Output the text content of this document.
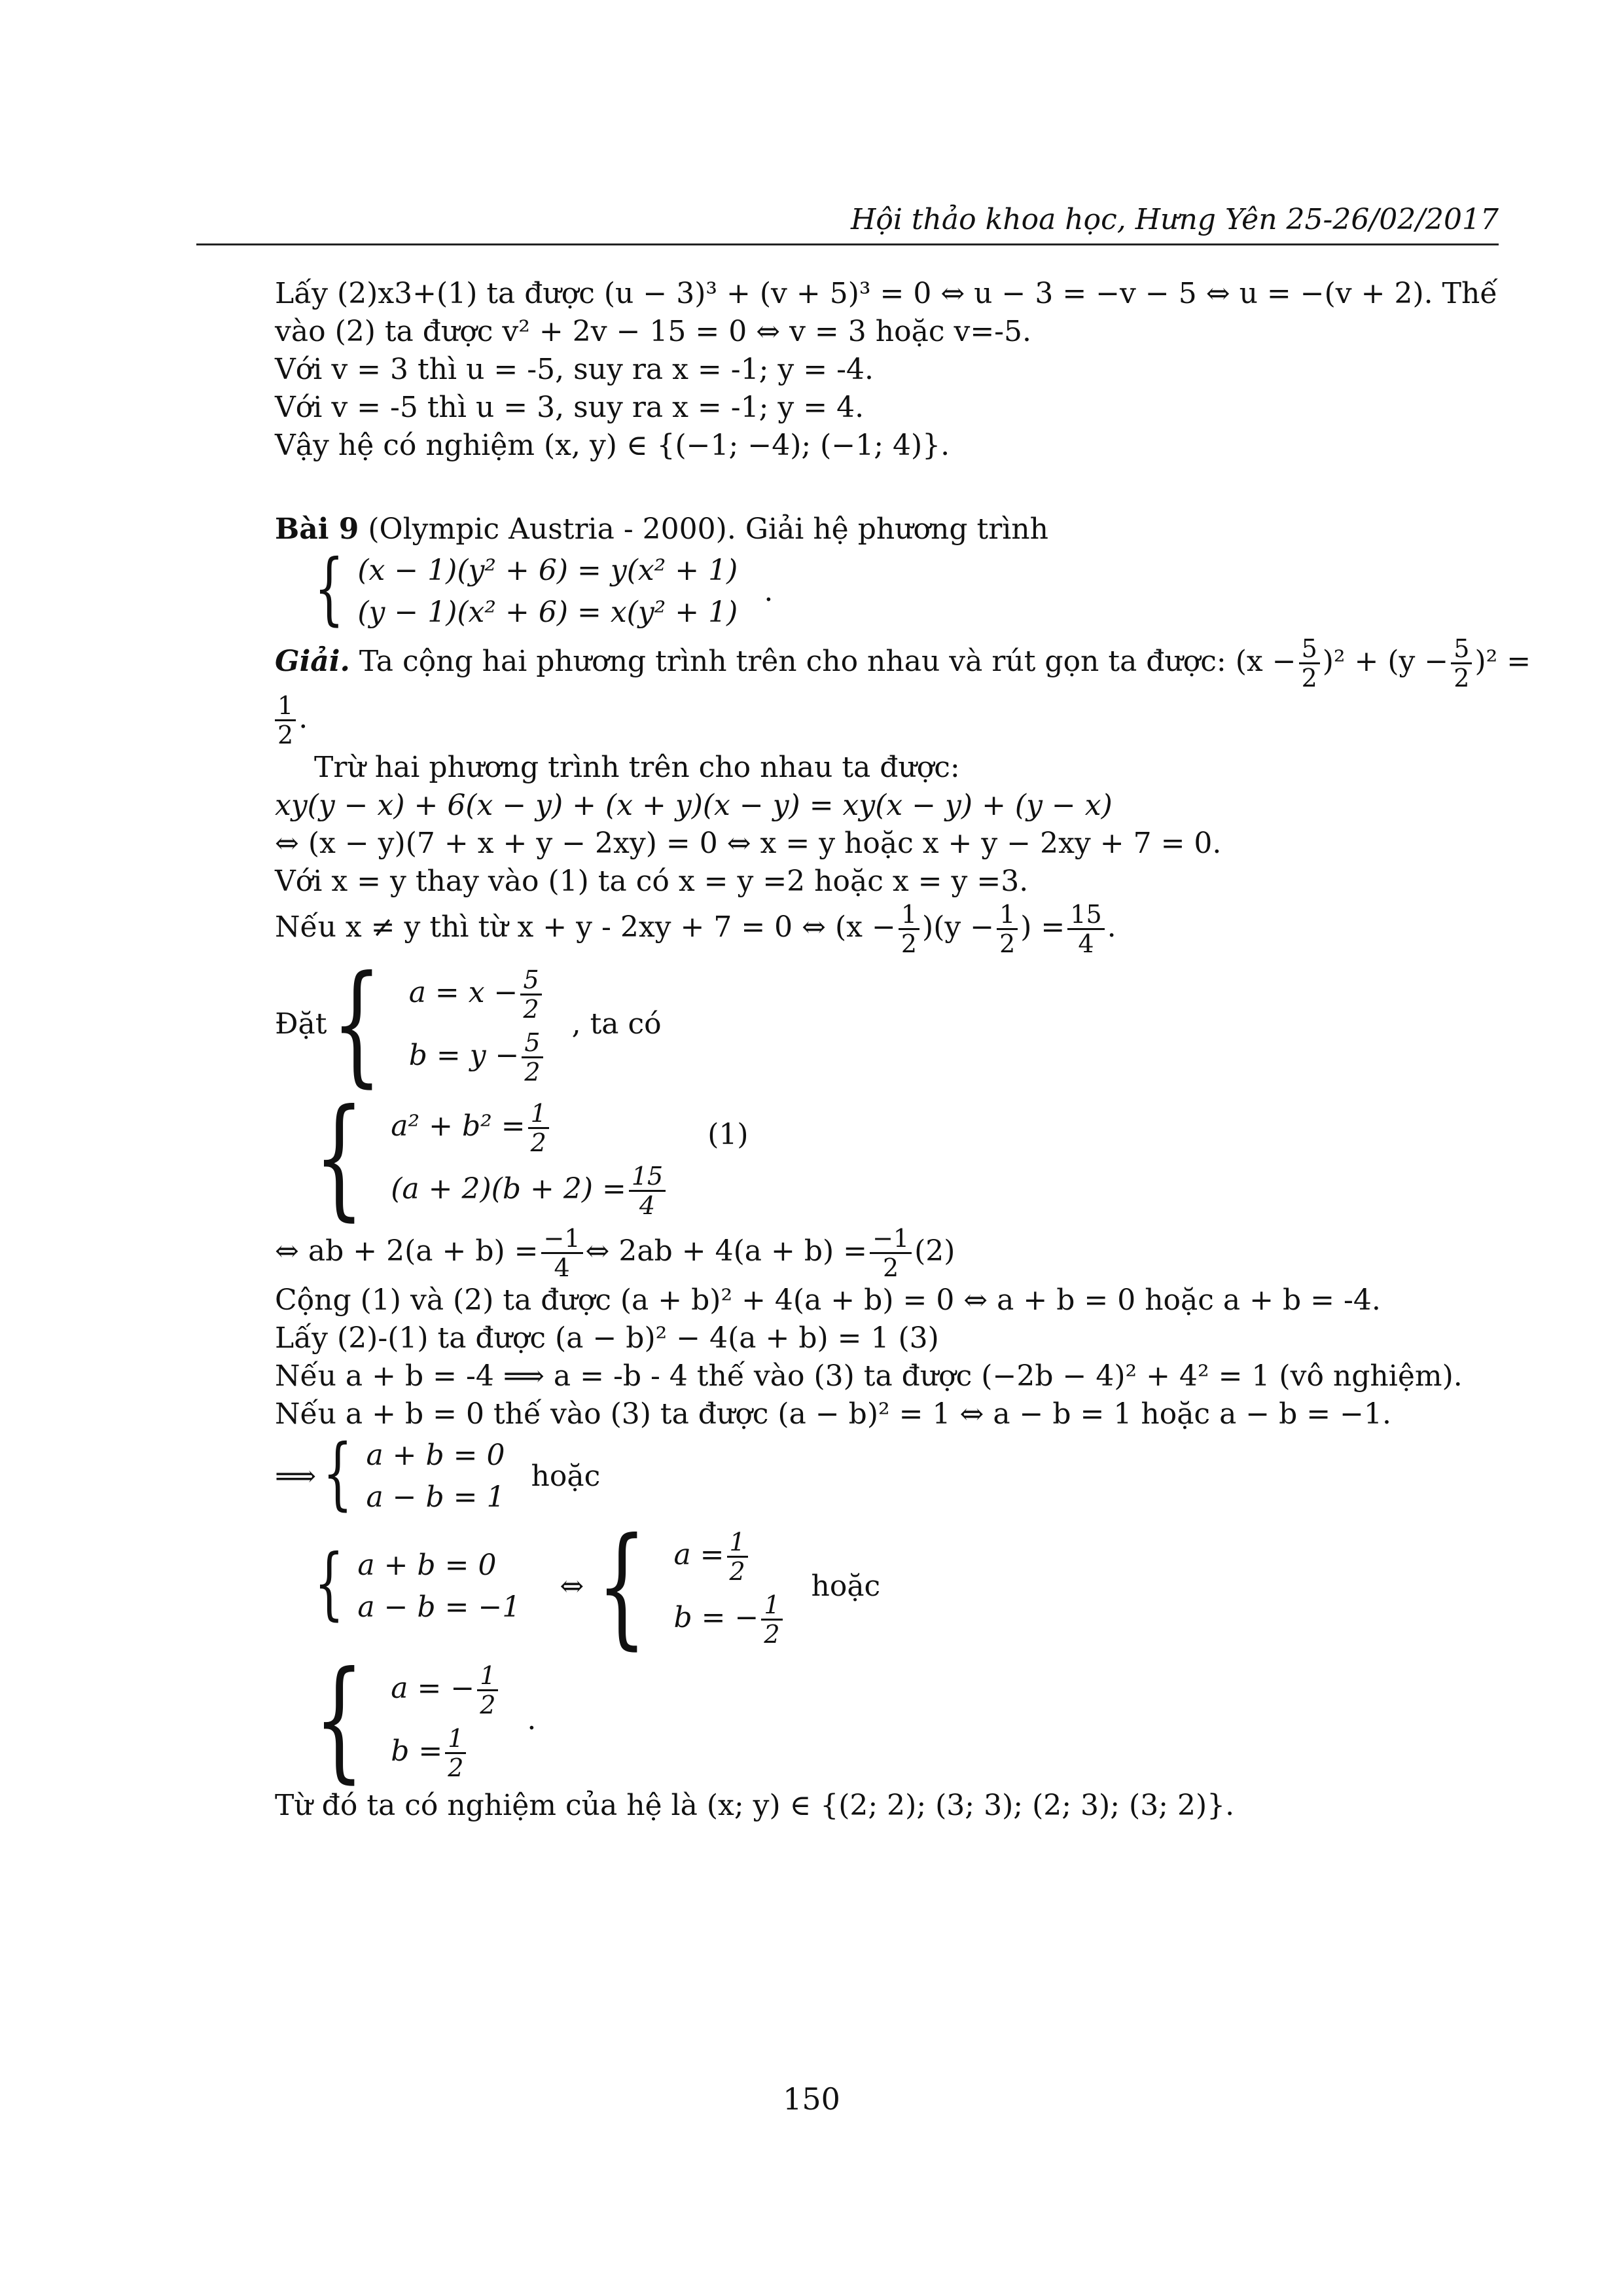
Hội thảo khoa học, Hưng Yên 25-26/02/2017
Lấy (2)x3+(1) ta được (u − 3)³ + (v + 5)³ = 0 ⇔ u − 3 = −v − 5 ⇔ u = −(v + 2). Thế
vào (2) ta được v² + 2v − 15 = 0 ⇔ v = 3 hoặc v=-5.
Với v = 3 thì u = -5, suy ra x = -1; y = -4.
Với v = -5 thì u = 3, suy ra x = -1; y = 4.
Vậy hệ có nghiệm (x, y) ∈ {(−1; −4); (−1; 4)}.
Bài 9 (Olympic Austria - 2000). Giải hệ phương trình
{ (x − 1)(y² + 6) = y(x² + 1)
(y − 1)(x² + 6) = x(y² + 1)
.
Giải. Ta cộng hai phương trình trên cho nhau và rút gọn ta được: $(x - \frac{5}{2} )^2 + (y - \frac{5}{2} )^2$ =
$\frac{1}{2}$ .
Trừ hai phương trình trên cho nhau ta được:
xy(y − x) + 6(x − y) + (x + y)(x − y) = xy(x − y) + (y − x)
⇔ (x − y)(7 + x + y − 2xy) = 0 ⇔ x = y hoặc x + y − 2xy + 7 = 0.
Với x = y thay vào (1) ta có x = y =2 hoặc x = y =3.
Nếu x ≠ y thì từ x + y - 2xy + 7 = 0 ⇔ $(x - \frac{1}{2} )(y - \frac{1}{2}$ ) = $\frac{15}{4}$ .
Đặt { $a = x - \frac{5}{2}$
$b = y - \frac{5}{2}$
, ta có
{ $a^2 + b^2 = \frac{1}{2}$
$(a + 2)(b + 2) = \frac{15}{4}$
(1)
⇔ ab + $2(a + b) = \frac{-1}{4}$ ⇔ $2ab + 4(a + b) = \frac{-1}{2} (2)$
Cộng (1) và (2) ta được (a + b)² + 4(a + b) = 0 ⇔ a + b = 0 hoặc a + b = -4.
Lấy (2)-(1) ta được (a − b)² − 4(a + b) = 1 (3)
Nếu a + b = -4 ⟹ a = -b - 4 thế vào (3) ta được (−2b − 4)² + 4² = 1 (vô nghiệm).
Nếu a + b = 0 thế vào (3) ta được (a − b)² = 1 ⇔ a − b = 1 hoặc a − b = −1.
⟹ { a + b = 0
a − b = 1
hoặc
{ a + b = 0
a − b = −1
⇔ { $a = \frac{1}{2}$
b = − $\frac{1}{2}$
hoặc
{ a = − $\frac{1}{2}$
$b = \frac{1}{2}$
.
Từ đó ta có nghiệm của hệ là (x; y) ∈ {(2; 2); (3; 3); (2; 3); (3; 2)}.
150
